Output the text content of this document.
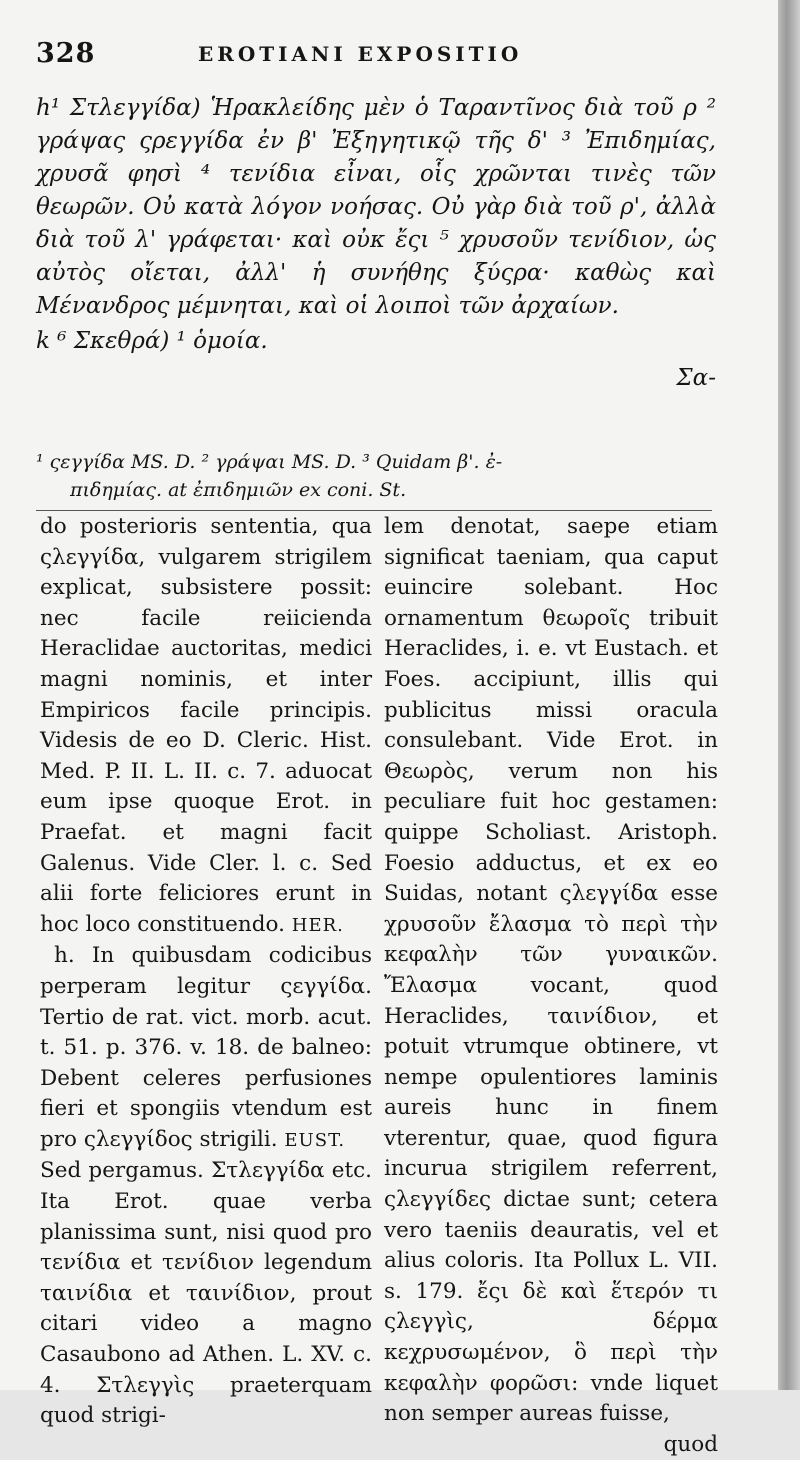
328	EROTIANI EXPOSITIO

h¹ Στλεγγίδα) Ἡρακλείδης μὲν ὁ Ταραντῖνος διὰ τοῦ ρ ² γράψας ςρεγγίδα ἐν β' Ἐξηγητικῷ τῆς δ' ³ Ἐπιδημίας, χρυσᾶ φησὶ ⁴ τενίδια εἶναι, οἷς χρῶνται τινὲς τῶν θεωρῶν. Οὐ κατὰ λόγον νοήσας. Οὐ γὰρ διὰ τοῦ ρ', ἀλλὰ διὰ τοῦ λ' γράφεται· καὶ οὐκ ἔςι ⁵ χρυσοῦν τενίδιον, ὡς αὐτὸς οἴεται, ἀλλ' ἡ συνήθης ξύςρα· καθὼς καὶ Μένανδρος μέμνηται, καὶ οἱ λοιποὶ τῶν ἀρχαίων.

k ⁶ Σκεθρά) ¹ ὁμοία.

Σα-

¹ ςεγγίδα MS. D. ² γράψαι MS. D. ³ Quidam β'. ἐ-

πιδημίας. at ἐπιδημιῶν ex coni. St.

do posterioris sententia, qua ςλεγγίδα, vulgarem strigilem explicat, subsistere possit: nec facile reiicienda Heraclidae auctoritas, medici magni nominis, et inter Empiricos facile principis. Videsis de eo D. Cleric. Hist. Med. P. II. L. II. c. 7. aduocat eum ipse quoque Erot. in Praefat. et magni facit Galenus. Vide Cler. l. c. Sed alii forte feliciores erunt in hoc loco constituendo. HER.

h. In quibusdam codicibus perperam legitur ςεγγίδα. Tertio de rat. vict. morb. acut. t. 51. p. 376. v. 18. de balneo: Debent celeres perfusiones fieri et spongiis vtendum est pro ςλεγγίδος strigili. EUST.

Sed pergamus. Στλεγγίδα etc. Ita Erot. quae verba planissima sunt, nisi quod pro τενίδια et τενίδιον legendum ταινίδια et ταινίδιον, prout citari video a magno Casaubono ad Athen. L. XV. c. 4. Στλεγγὶς praeterquam quod strigi-

lem denotat, saepe etiam significat taeniam, qua caput euincire solebant. Hoc ornamentum θεωροῖς tribuit Heraclides, i. e. vt Eustach. et Foes. accipiunt, illis qui publicitus missi oracula consulebant. Vide Erot. in Θεωρὸς, verum non his peculiare fuit hoc gestamen: quippe Scholiast. Aristoph. Foesio adductus, et ex eo Suidas, notant ςλεγγίδα esse χρυσοῦν ἔλασμα τὸ περὶ τὴν κεφαλὴν τῶν γυναικῶν. Ἔλασμα vocant, quod Heraclides, ταινίδιον, et potuit vtrumque obtinere, vt nempe opulentiores laminis aureis hunc in finem vterentur, quae, quod figura incurua strigilem referrent, ςλεγγίδες dictae sunt; cetera vero taeniis deauratis, vel et alius coloris. Ita Pollux L. VII. s. 179. ἔςι δὲ καὶ ἕτερόν τι ςλεγγὶς, δέρμα κεχρυσωμένον, ὃ περὶ τὴν κεφαλὴν φορῶσι: vnde liquet non semper aureas fuisse,

quod
